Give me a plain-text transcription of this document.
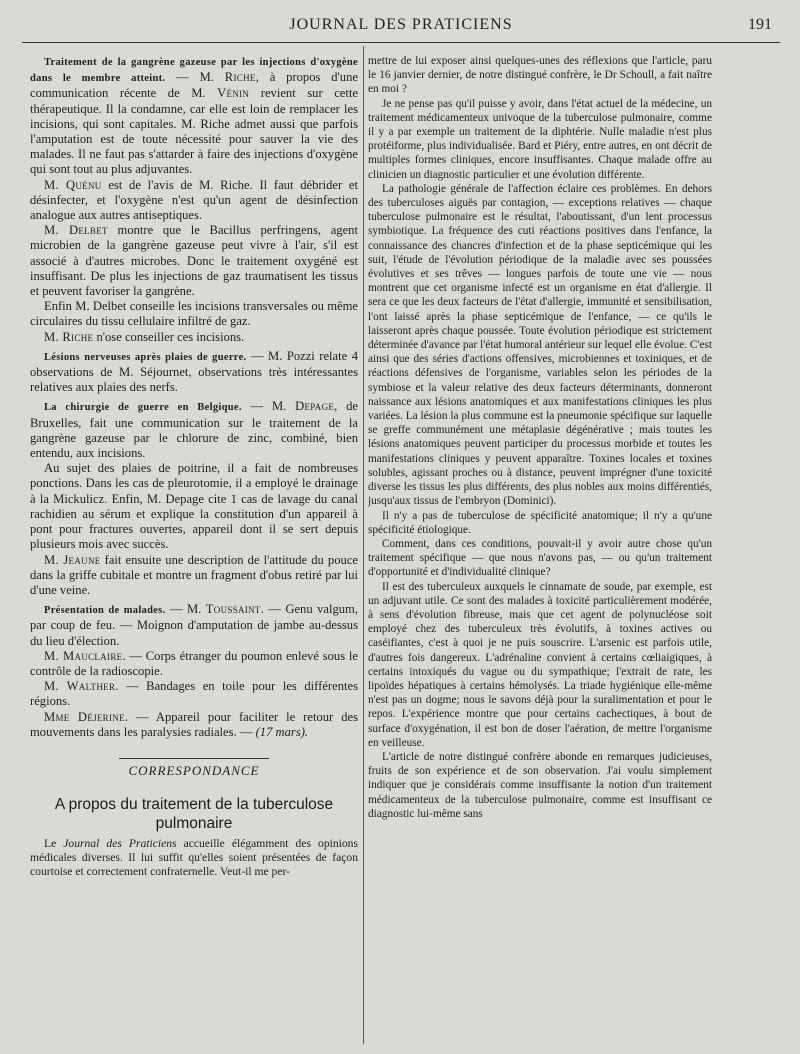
JOURNAL DES PRATICIENS	191

Traitement de la gangrène gazeuse par les injections d'oxygène dans le membre atteint. — M. Riche, à propos d'une communication récente de M. Vénin revient sur cette thérapeutique. Il la condamne, car elle est loin de remplacer les incisions, qui sont capitales. M. Riche admet aussi que parfois l'amputation est de toute nécessité pour sauver la vie des malades. Il ne faut pas s'attarder à faire des injections d'oxygène qui sont tout au plus adjuvantes.

M. Quénu est de l'avis de M. Riche. Il faut débrider et désinfecter, et l'oxygène n'est qu'un agent de désinfection analogue aux autres antiseptiques.

M. Delbet montre que le Bacillus perfringens, agent microbien de la gangrène gazeuse peut vivre à l'air, s'il est associé à d'autres microbes. Donc le traitement oxygéné est insuffisant. De plus les injections de gaz traumatisent les tissus et peuvent favoriser la gangrène.

Enfin M. Delbet conseille les incisions transversales ou même circulaires du tissu cellulaire infiltré de gaz.

M. Riche n'ose conseiller ces incisions.

Lésions nerveuses après plaies de guerre. — M. Pozzi relate 4 observations de M. Séjournet, observations très intéressantes relatives aux plaies des nerfs.

La chirurgie de guerre en Belgique. — M. Depage, de Bruxelles, fait une communication sur le traitement de la gangrène gazeuse par le chlorure de zinc, combiné, bien entendu, aux incisions.

Au sujet des plaies de poitrine, il a fait de nombreuses ponctions. Dans les cas de pleurotomie, il a employé le drainage à la Mickulicz. Enfin, M. Depage cite 1 cas de lavage du canal rachidien au sérum et explique la constitution d'un appareil à pont pour fractures ouvertes, appareil dont il se sert depuis plusieurs mois avec succès.

M. Jeaune fait ensuite une description de l'attitude du pouce dans la griffe cubitale et montre un fragment d'obus retiré par lui d'une veine.

Présentation de malades. — M. Toussaint. — Genu valgum, par coup de feu. — Moignon d'amputation de jambe au-dessus du lieu d'élection.

M. Mauclaire. — Corps étranger du poumon enlevé sous le contrôle de la radioscopie.

M. Walther. — Bandages en toile pour les différentes régions.

Mme Déjerine. — Appareil pour faciliter le retour des mouvements dans les paralysies radiales. — (17 mars).

CORRESPONDANCE
A propos du traitement de la tuberculose
pulmonaire

Le Journal des Praticiens accueille élégamment des opinions médicales diverses. Il lui suffit qu'elles soient présentées de façon courtoise et correctement confraternelle. Veut-il me per-

mettre de lui exposer ainsi quelques-unes des réflexions que l'article, paru le 16 janvier dernier, de notre distingué confrère, le Dr Schoull, a fait naître en moi ?

Je ne pense pas qu'il puisse y avoir, dans l'état actuel de la médecine, un traitement médicamenteux univoque de la tuberculose pulmonaire, comme il y a par exemple un traitement de la diphtérie. Nulle maladie n'est plus protéiforme, plus individualisée. Bard et Piéry, entre autres, en ont décrit de multiples formes cliniques, encore insuffisantes. Chaque malade offre au clinicien un diagnostic particulier et une évolution différente.

La pathologie générale de l'affection éclaire ces problèmes. En dehors des tuberculoses aiguës par contagion, — exceptions relatives — chaque tuberculose pulmonaire est le résultat, l'aboutissant, d'un lent processus symbiotique. La fréquence des cuti réactions positives dans l'enfance, la connaissance des chancres d'infection et de la phase septicémique qui les suit, l'étude de l'évolution périodique de la maladie avec ses poussées évolutives et ses trêves — longues parfois de toute une vie — nous montrent que cet organisme infecté est un organisme en état d'allergie. Il sera ce que les deux facteurs de l'état d'allergie, immunité et sensibilisation, l'ont laissé après la phase septicémique de l'enfance, — ce qu'ils le laisseront après chaque poussée. Toute évolution périodique est strictement déterminée d'avance par l'état humoral antérieur sur lequel elle évolue. C'est ainsi que des séries d'actions offensives, microbiennes et toxiniques, et de réactions défensives de l'organisme, variables selon les périodes de la symbiose et la valeur relative des deux facteurs déterminants, donneront naissance aux lésions anatomiques et aux manifestations cliniques les plus variées. La lésion la plus commune est la pneumonie spécifique sur laquelle se greffe communément une métaplasie dégénérative ; mais toutes les lésions anatomiques peuvent participer du processus morbide et toutes les manifestations cliniques y peuvent apparaître. Toxines locales et toxines solubles, agissant proches ou à distance, peuvent imprégner d'une toxicité diverse les tissus les plus différents, des plus nobles aux moins différentiés, jusqu'aux tissus de l'embryon (Dominici).

Il n'y a pas de tuberculose de spécificité anatomique; il n'y a qu'une spécificité étiologique.

Comment, dans ces conditions, pouvait-il y avoir autre chose qu'un traitement spécifique — que nous n'avons pas, — ou qu'un traitement d'opportunité et d'individualité clinique?

Il est des tuberculeux auxquels le cinnamate de soude, par exemple, est un adjuvant utile. Ce sont des malades à toxicité particulièrement modérée, à sens d'évolution fibreuse, mais que cet agent de polynucléose soit employé chez des tuberculeux très évolutifs, à toxines actives ou caséifiantes, c'est à quoi je ne puis souscrire. L'arsenic est parfois utile, d'autres fois dangereux. L'adrénaline convient à certains cœliaigiques, à certains intoxiqués du vague ou du sympathique; l'extrait de rate, les lipoïdes hépatiques à certains hémolysés. La triade hygiénique elle-même n'est pas un dogme; nous le savons déjà pour la suralimentation et pour le repos. L'expérience montre que pour certains cachectiques, à bout de surface d'oxygénation, il est bon de doser l'aération, de mettre l'organisme en veilleuse.

L'article de notre distingué confrère abonde en remarques judicieuses, fruits de son expérience et de son observation. J'ai voulu simplement indiquer que je considérais comme insuffisante la notion d'un traitement médicamenteux de la tuberculose pulmonaire, comme est insuffisant ce diagnostic lui-même sans
